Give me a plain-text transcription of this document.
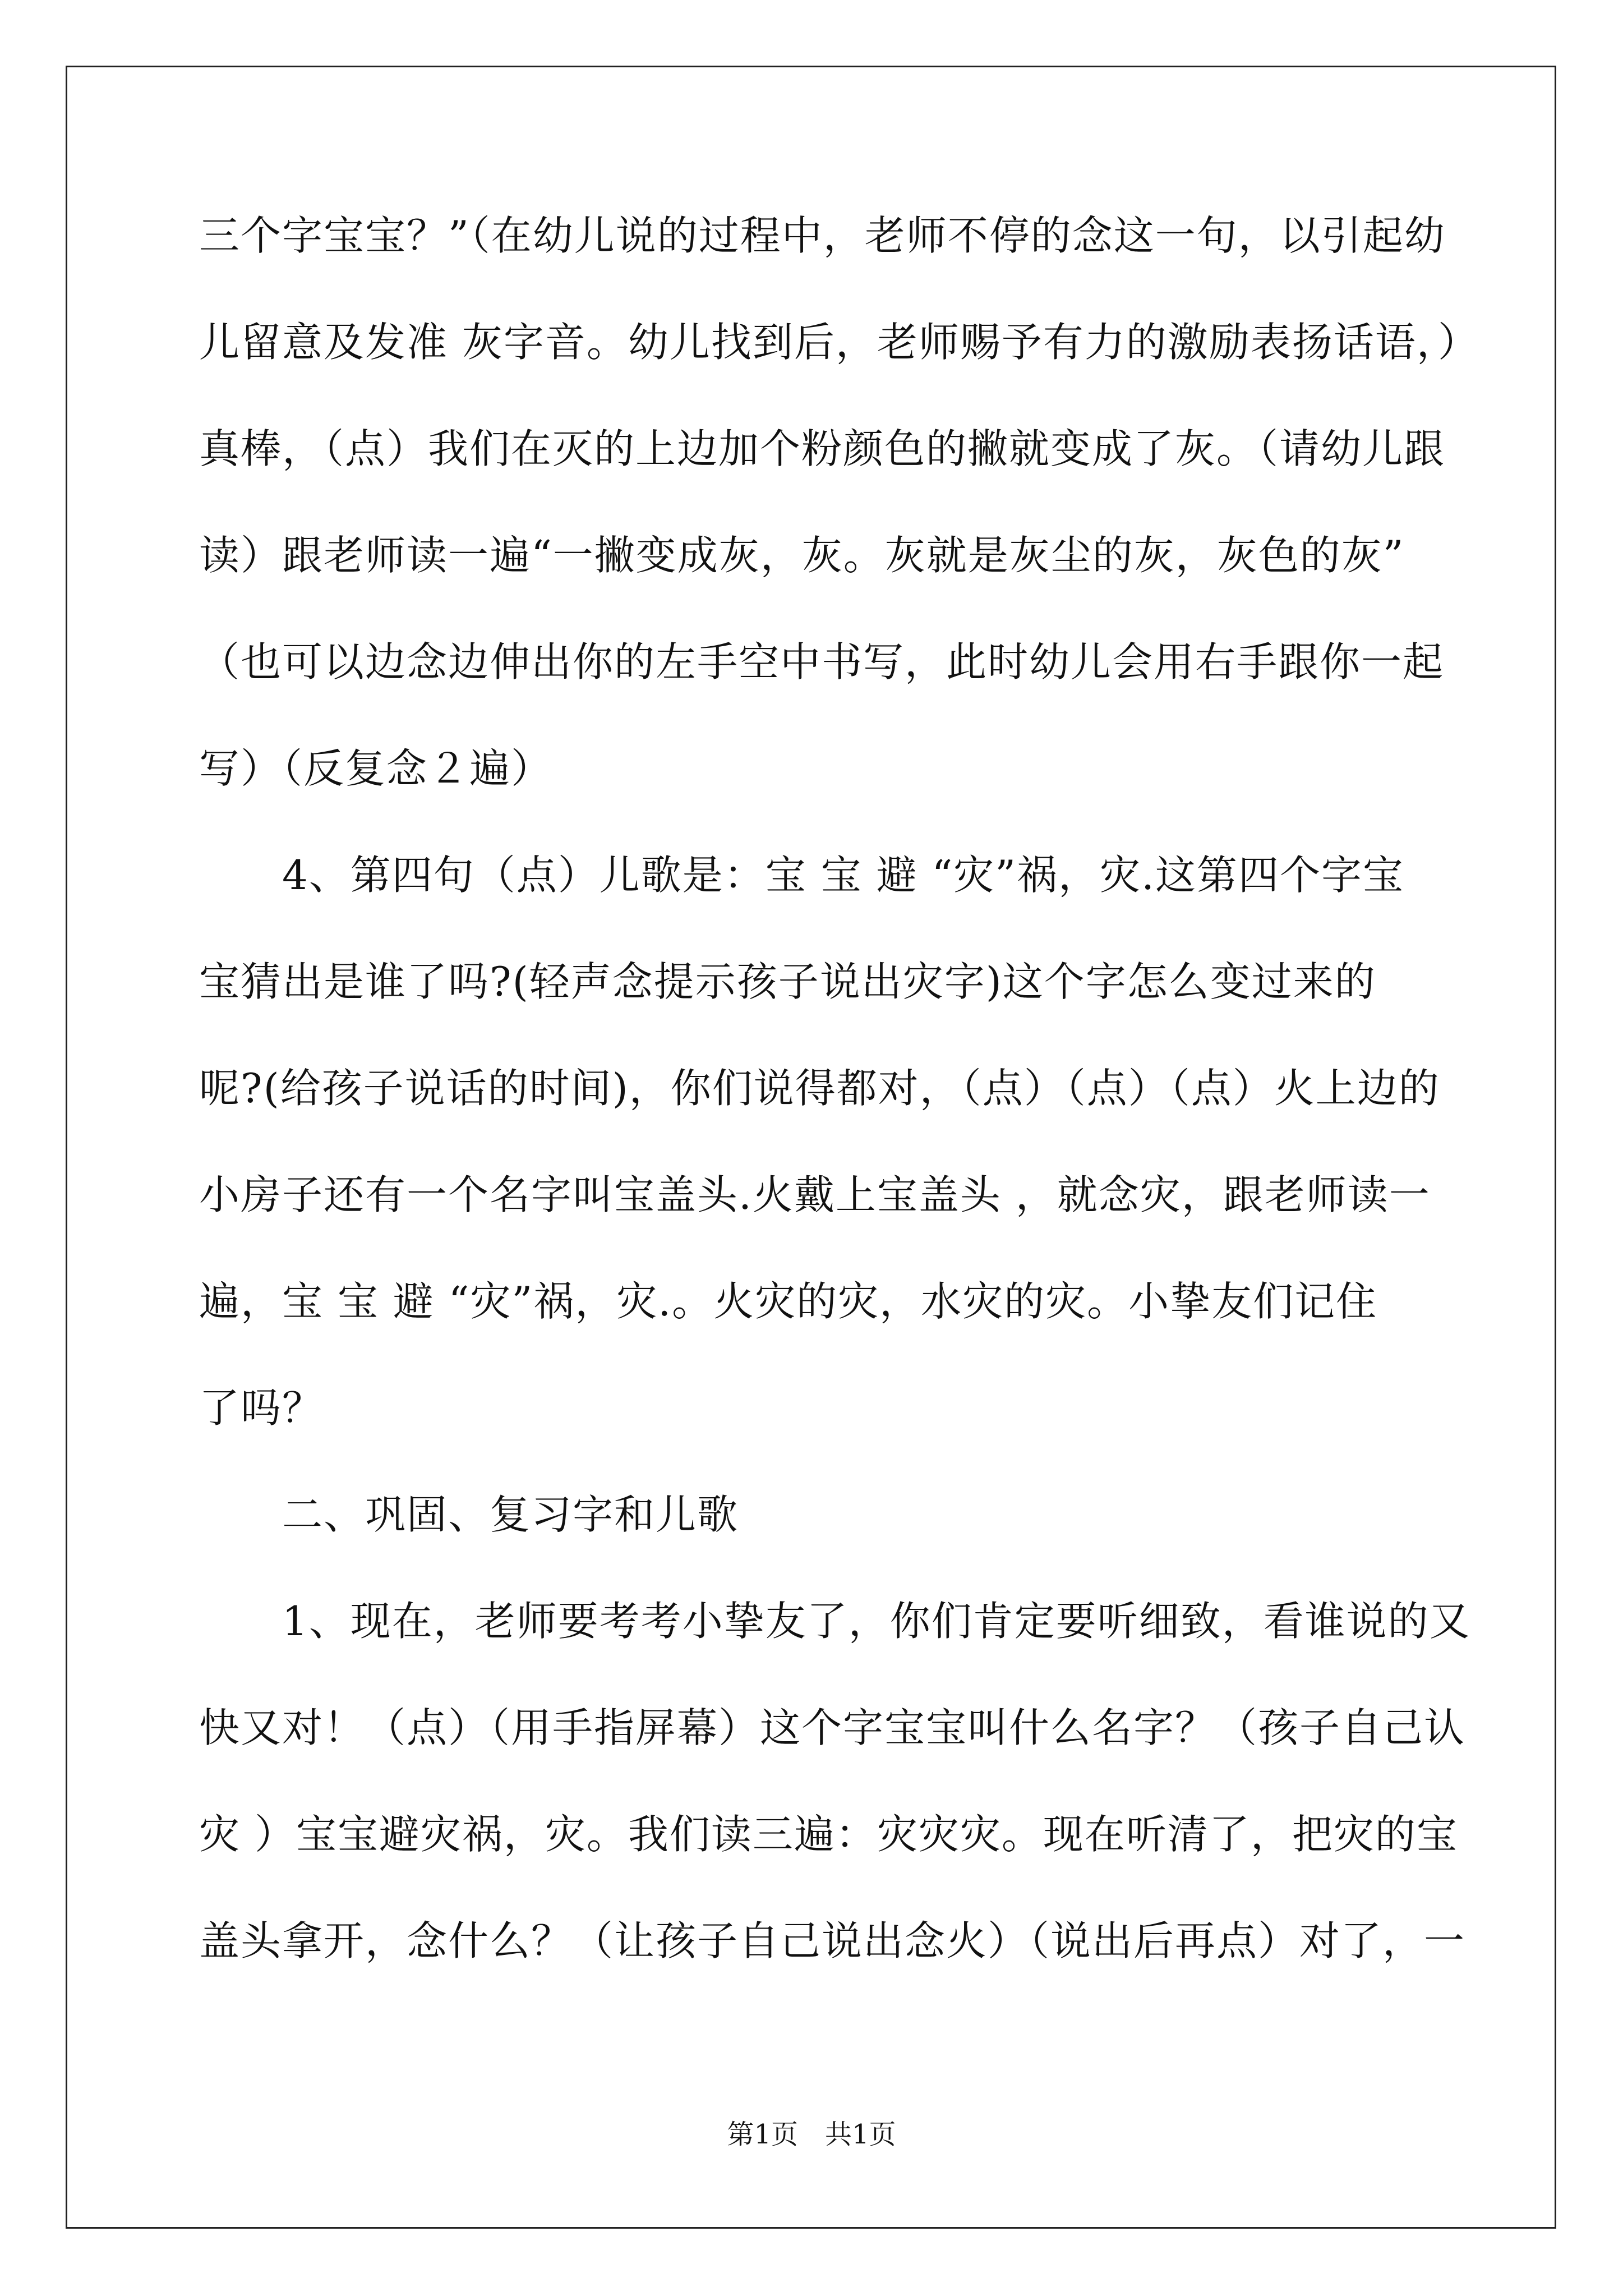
三个字宝宝？”（在幼儿说的过程中，老师不停的念这一句，以引起幼
儿留意及发准 灰字音。幼儿找到后，老师赐予有力的激励表扬话语，）
真棒，（点）我们在灭的上边加个粉颜色的撇就变成了灰。（请幼儿跟
读）跟老师读一遍“一撇变成灰，灰。灰就是灰尘的灰，灰色的灰”
（也可以边念边伸出你的左手空中书写，此时幼儿会用右手跟你一起
写）（反复念２遍）
　　4、第四句（点）儿歌是：宝 宝 避 “灾”祸，灾.这第四个字宝
宝猜出是谁了吗?(轻声念提示孩子说出灾字)这个字怎么变过来的
呢?(给孩子说话的时间)，你们说得都对，（点）（点）（点）火上边的
小房子还有一个名字叫宝盖头.火戴上宝盖头 ，就念灾，跟老师读一
遍，宝 宝 避 “灾”祸，灾.。火灾的灾，水灾的灾。小挚友们记住
了吗？
　　二、巩固、复习字和儿歌
　　1、现在，老师要考考小挚友了，你们肯定要听细致，看谁说的又
快又对！（点）（用手指屏幕）这个字宝宝叫什么名字？（孩子自己认
灾 ）宝宝避灾祸，灾。我们读三遍：灾灾灾。现在听清了，把灾的宝
盖头拿开，念什么？（让孩子自己说出念火）（说出后再点）对了，一
第1页　共1页
